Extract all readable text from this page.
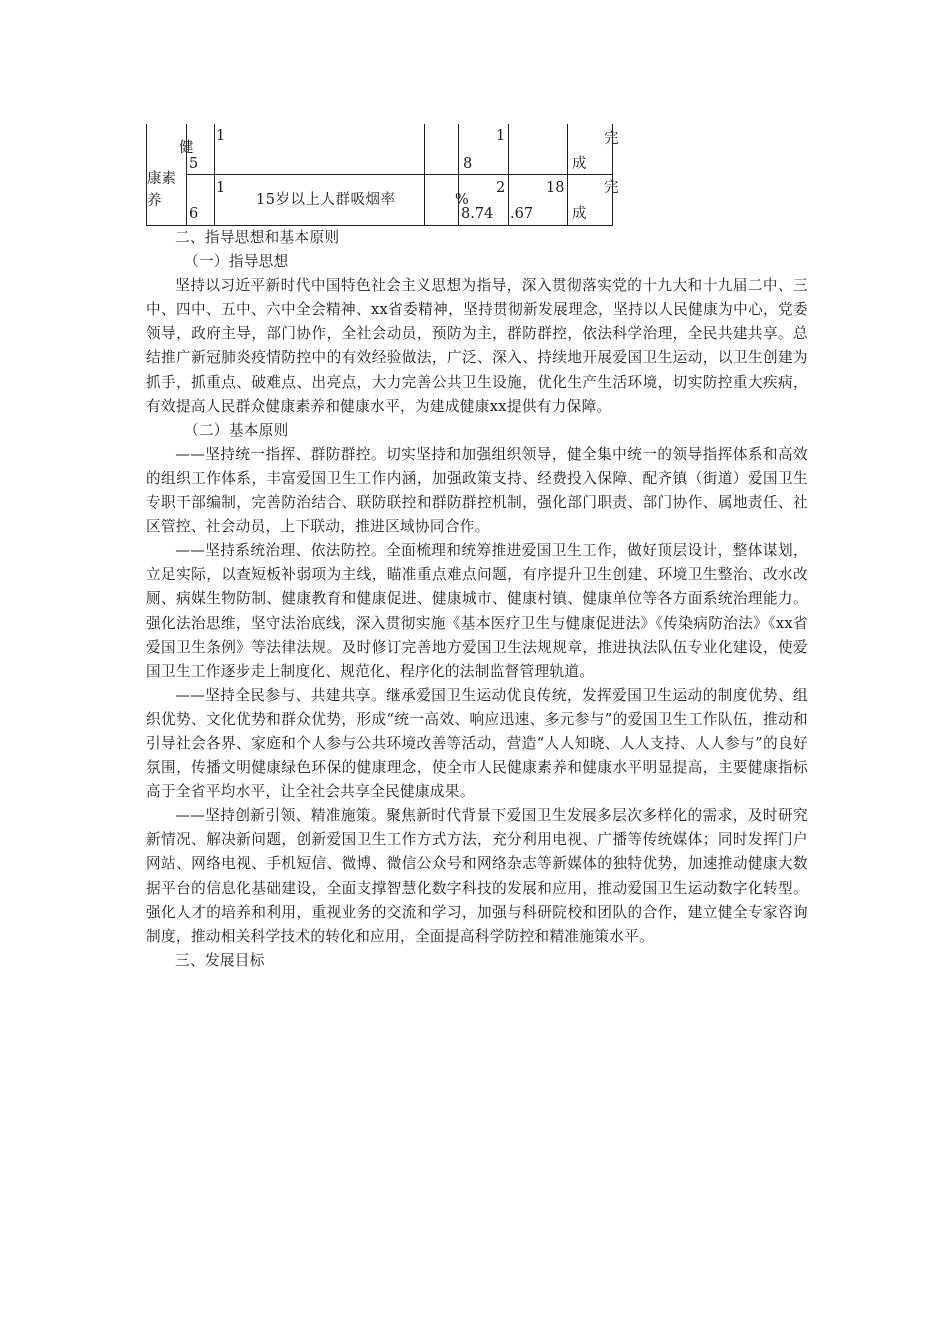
康素养
健
5
1	1
8
完
成
6
1
15岁以上人群吸烟率	%
2
8.74
18
.67
完
成

二、指导思想和基本原则

（一）指导思想

坚持以习近平新时代中国特色社会主义思想为指导，深入贯彻落实党的十九大和十九届二中、三中、四中、五中、六中全会精神、xx省委精神，坚持贯彻新发展理念，坚持以人民健康为中心，党委领导，政府主导，部门协作，全社会动员，预防为主，群防群控，依法科学治理，全民共建共享。总结推广新冠肺炎疫情防控中的有效经验做法，广泛、深入、持续地开展爱国卫生运动，以卫生创建为抓手，抓重点、破难点、出亮点，大力完善公共卫生设施，优化生产生活环境，切实防控重大疾病，有效提高人民群众健康素养和健康水平，为建成健康xx提供有力保障。

（二）基本原则

——坚持统一指挥、群防群控。切实坚持和加强组织领导，健全集中统一的领导指挥体系和高效的组织工作体系，丰富爱国卫生工作内涵，加强政策支持、经费投入保障、配齐镇（街道）爱国卫生专职干部编制，完善防治结合、联防联控和群防群控机制，强化部门职责、部门协作、属地责任、社区管控、社会动员，上下联动，推进区域协同合作。

——坚持系统治理、依法防控。全面梳理和统筹推进爱国卫生工作，做好顶层设计，整体谋划，立足实际，以查短板补弱项为主线，瞄准重点难点问题，有序提升卫生创建、环境卫生整治、改水改厕、病媒生物防制、健康教育和健康促进、健康城市、健康村镇、健康单位等各方面系统治理能力。强化法治思维，坚守法治底线，深入贯彻实施《基本医疗卫生与健康促进法》《传染病防治法》《xx省爱国卫生条例》等法律法规。及时修订完善地方爱国卫生法规规章，推进执法队伍专业化建设，使爱国卫生工作逐步走上制度化、规范化、程序化的法制监督管理轨道。

——坚持全民参与、共建共享。继承爱国卫生运动优良传统，发挥爱国卫生运动的制度优势、组织优势、文化优势和群众优势，形成“统一高效、响应迅速、多元参与”的爱国卫生工作队伍，推动和引导社会各界、家庭和个人参与公共环境改善等活动，营造“人人知晓、人人支持、人人参与”的良好氛围，传播文明健康绿色环保的健康理念，使全市人民健康素养和健康水平明显提高，主要健康指标高于全省平均水平，让全社会共享全民健康成果。

——坚持创新引领、精准施策。聚焦新时代背景下爱国卫生发展多层次多样化的需求，及时研究新情况、解决新问题，创新爱国卫生工作方式方法，充分利用电视、广播等传统媒体；同时发挥门户网站、网络电视、手机短信、微博、微信公众号和网络杂志等新媒体的独特优势，加速推动健康大数据平台的信息化基础建设，全面支撑智慧化数字科技的发展和应用，推动爱国卫生运动数字化转型。强化人才的培养和利用，重视业务的交流和学习，加强与科研院校和团队的合作，建立健全专家咨询制度，推动相关科学技术的转化和应用，全面提高科学防控和精准施策水平。

三、发展目标
